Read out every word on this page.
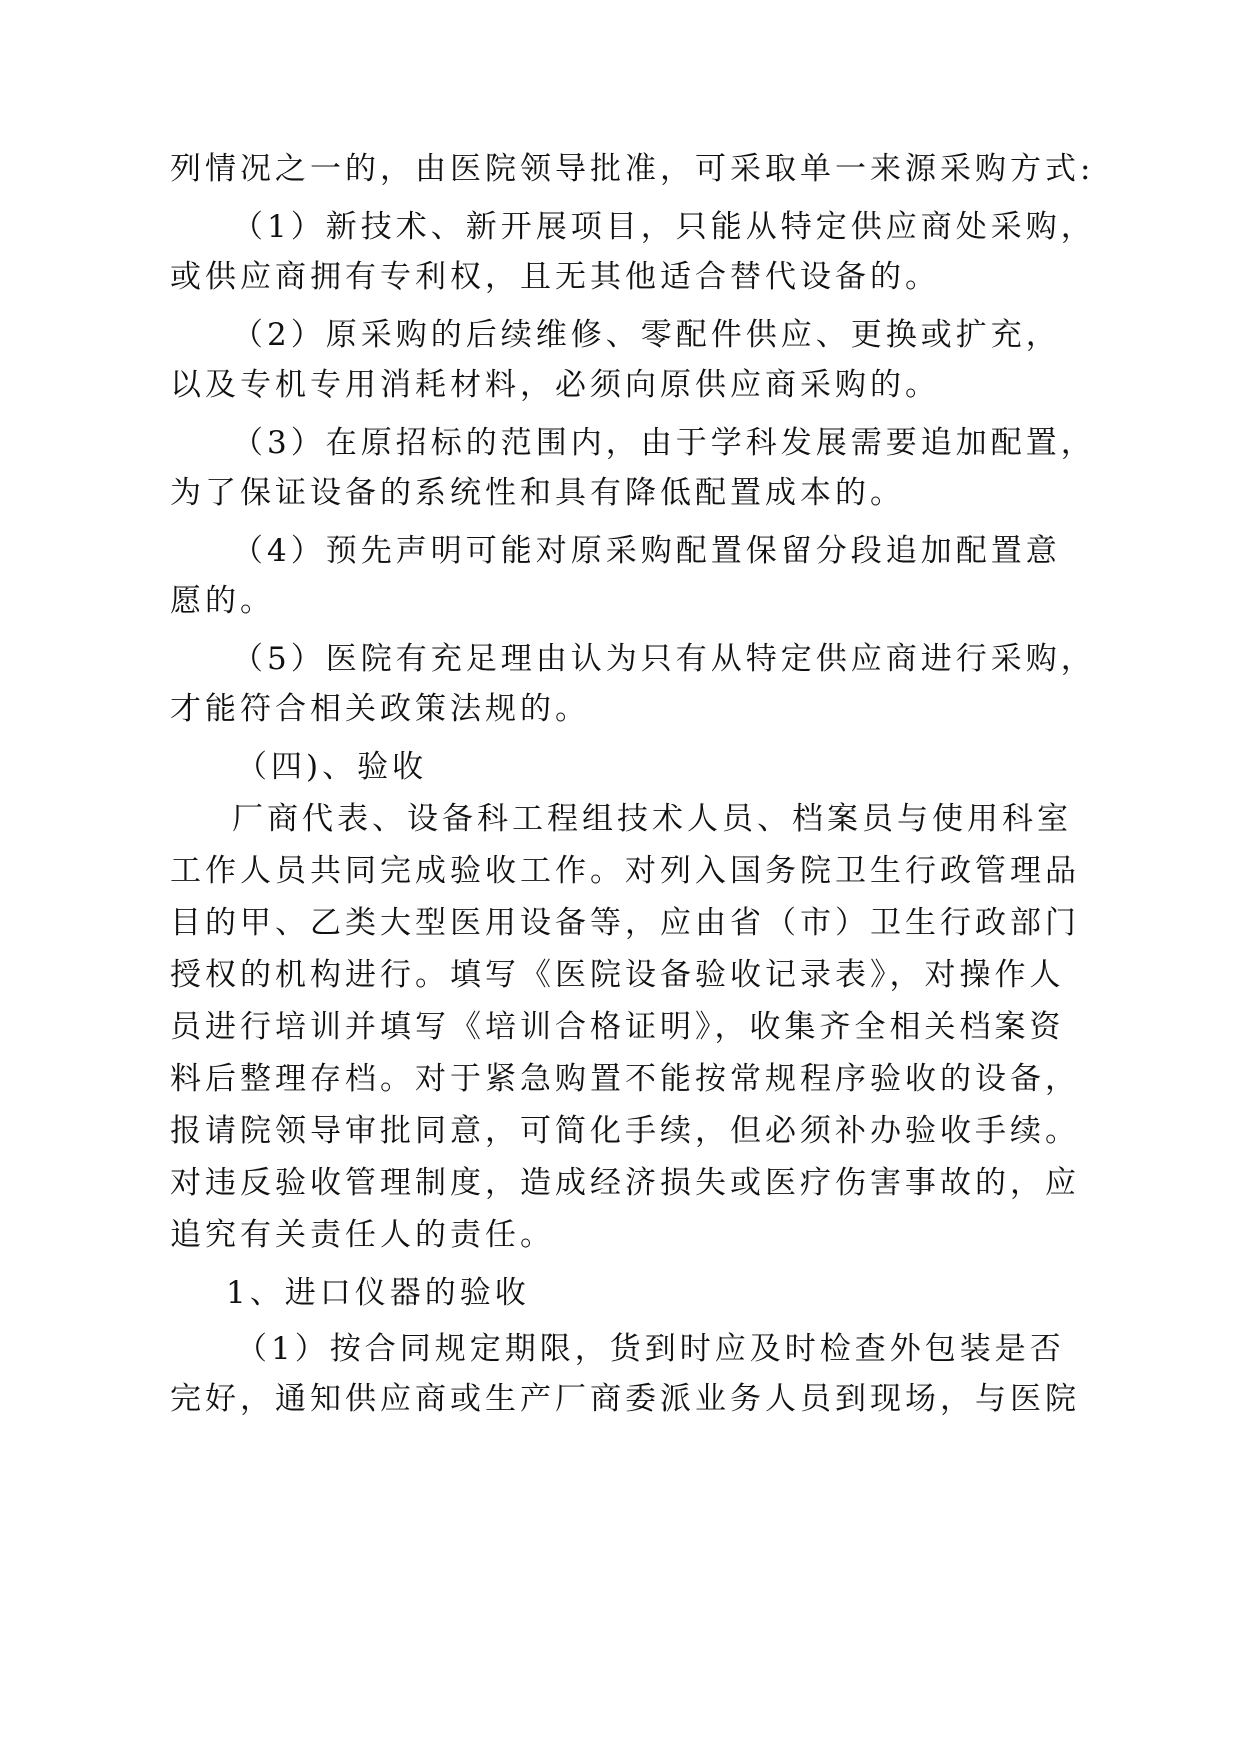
列情况之一的，由医院领导批准，可采取单一来源采购方式:
（1）新技术、新开展项目，只能从特定供应商处采购，
或供应商拥有专利权，且无其他适合替代设备的。
（2）原采购的后续维修、零配件供应、更换或扩充，
以及专机专用消耗材料，必须向原供应商采购的。
（3）在原招标的范围内，由于学科发展需要追加配置，
为了保证设备的系统性和具有降低配置成本的。
（4）预先声明可能对原采购配置保留分段追加配置意
愿的。
（5）医院有充足理由认为只有从特定供应商进行采购，
才能符合相关政策法规的。
（四)、验收
厂商代表、设备科工程组技术人员、档案员与使用科室
工作人员共同完成验收工作。对列入国务院卫生行政管理品
目的甲、乙类大型医用设备等，应由省（市）卫生行政部门
授权的机构进行。填写《医院设备验收记录表》，对操作人
员进行培训并填写《培训合格证明》，收集齐全相关档案资
料后整理存档。对于紧急购置不能按常规程序验收的设备，
报请院领导审批同意，可简化手续，但必须补办验收手续。
对违反验收管理制度，造成经济损失或医疗伤害事故的，应
追究有关责任人的责任。
1、进口仪器的验收
（1）按合同规定期限，货到时应及时检查外包装是否
完好，通知供应商或生产厂商委派业务人员到现场，与医院
